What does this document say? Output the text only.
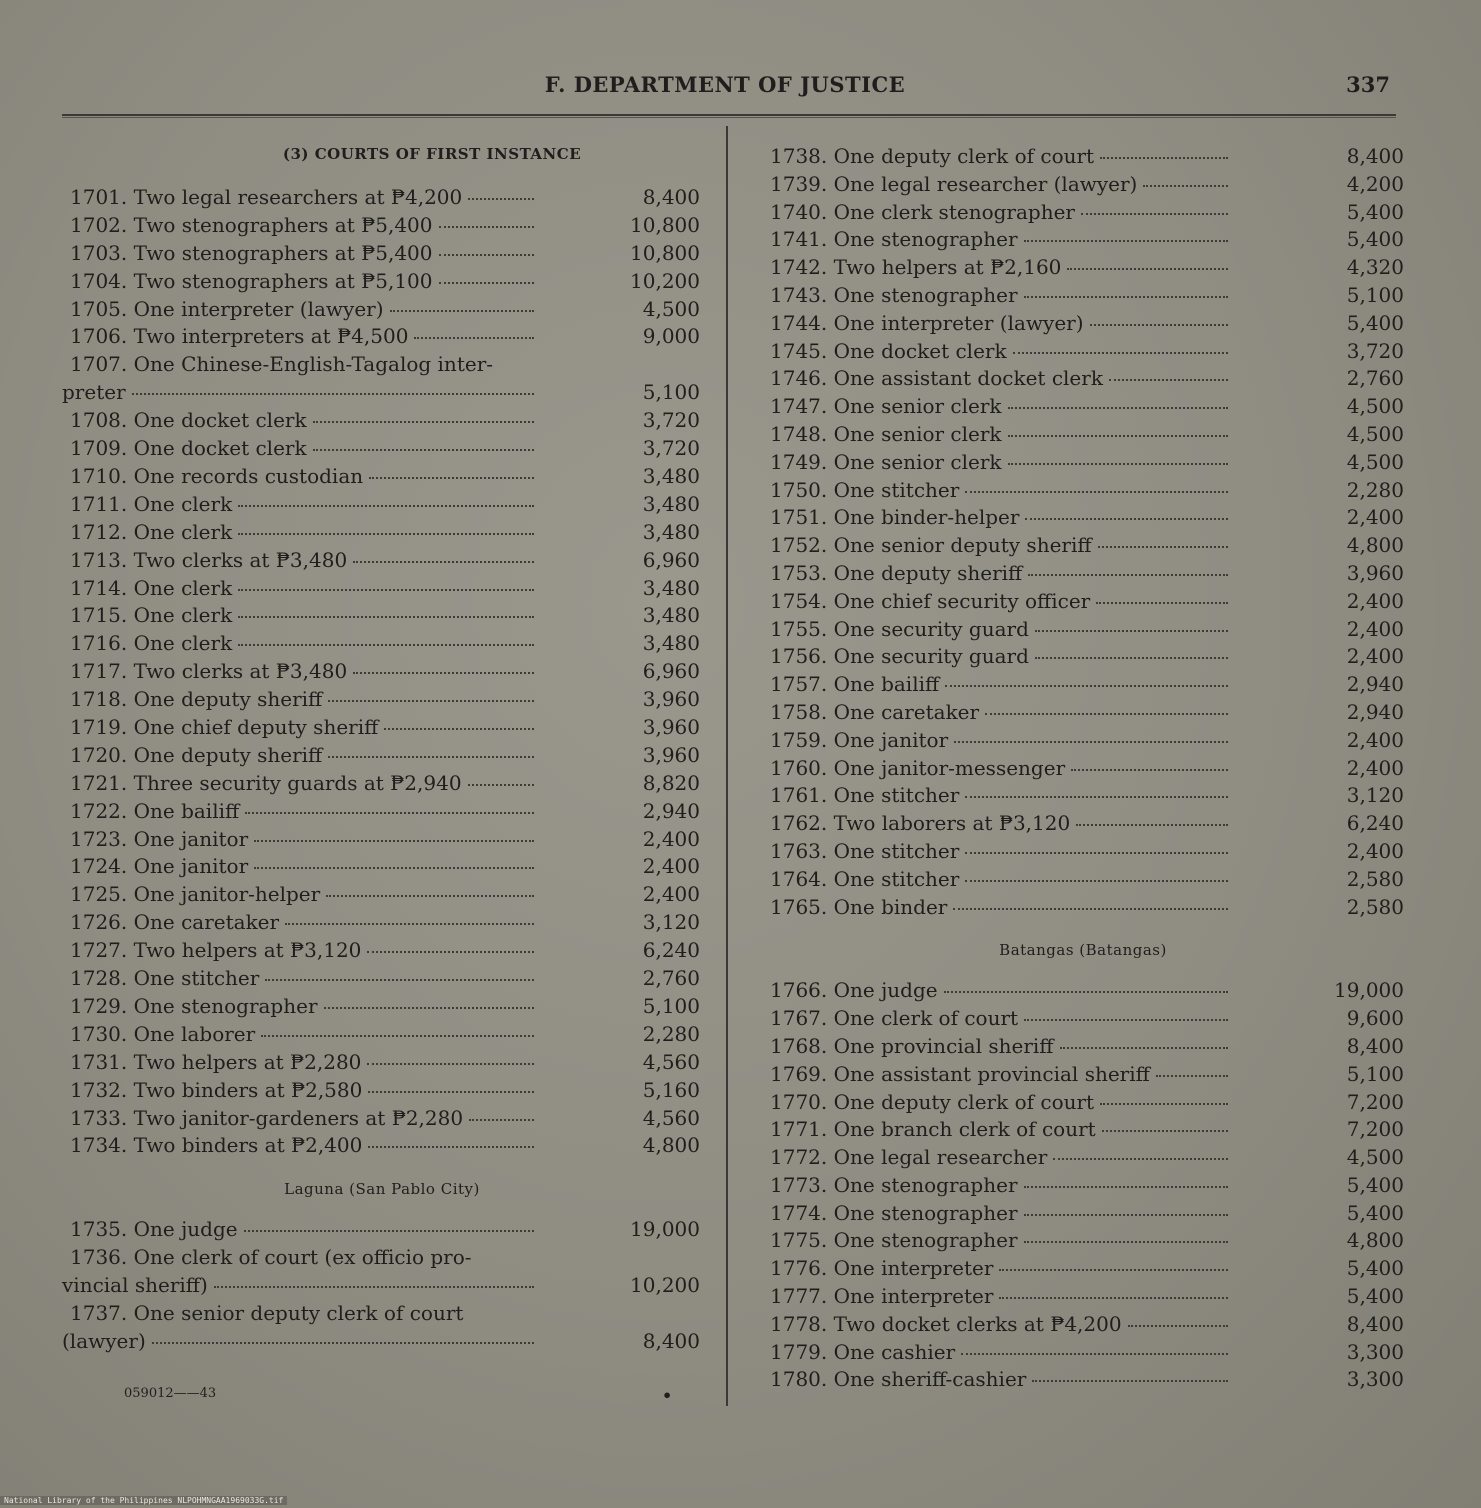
F. DEPARTMENT OF JUSTICE	337
(3) COURTS OF FIRST INSTANCE
1701. Two legal researchers at ₱4,200	8,400
1702. Two stenographers at ₱5,400	10,800
1703. Two stenographers at ₱5,400	10,800
1704. Two stenographers at ₱5,100	10,200
1705. One interpreter (lawyer)	4,500
1706. Two interpreters at ₱4,500	9,000
1707. One Chinese-English-Tagalog inter-
preter	5,100
1708. One docket clerk	3,720
1709. One docket clerk	3,720
1710. One records custodian	3,480
1711. One clerk	3,480
1712. One clerk	3,480
1713. Two clerks at ₱3,480	6,960
1714. One clerk	3,480
1715. One clerk	3,480
1716. One clerk	3,480
1717. Two clerks at ₱3,480	6,960
1718. One deputy sheriff	3,960
1719. One chief deputy sheriff	3,960
1720. One deputy sheriff	3,960
1721. Three security guards at ₱2,940	8,820
1722. One bailiff	2,940
1723. One janitor	2,400
1724. One janitor	2,400
1725. One janitor-helper	2,400
1726. One caretaker	3,120
1727. Two helpers at ₱3,120	6,240
1728. One stitcher	2,760
1729. One stenographer	5,100
1730. One laborer	2,280
1731. Two helpers at ₱2,280	4,560
1732. Two binders at ₱2,580	5,160
1733. Two janitor-gardeners at ₱2,280	4,560
1734. Two binders at ₱2,400	4,800
Laguna (San Pablo City)
1735. One judge	19,000
1736. One clerk of court (ex officio pro-
vincial sheriff)	10,200
1737. One senior deputy clerk of court
(lawyer)	8,400
1738. One deputy clerk of court	8,400
1739. One legal researcher (lawyer)	4,200
1740. One clerk stenographer	5,400
1741. One stenographer	5,400
1742. Two helpers at ₱2,160	4,320
1743. One stenographer	5,100
1744. One interpreter (lawyer)	5,400
1745. One docket clerk	3,720
1746. One assistant docket clerk	2,760
1747. One senior clerk	4,500
1748. One senior clerk	4,500
1749. One senior clerk	4,500
1750. One stitcher	2,280
1751. One binder-helper	2,400
1752. One senior deputy sheriff	4,800
1753. One deputy sheriff	3,960
1754. One chief security officer	2,400
1755. One security guard	2,400
1756. One security guard	2,400
1757. One bailiff	2,940
1758. One caretaker	2,940
1759. One janitor	2,400
1760. One janitor-messenger	2,400
1761. One stitcher	3,120
1762. Two laborers at ₱3,120	6,240
1763. One stitcher	2,400
1764. One stitcher	2,580
1765. One binder	2,580
Batangas (Batangas)
1766. One judge	19,000
1767. One clerk of court	9,600
1768. One provincial sheriff	8,400
1769. One assistant provincial sheriff	5,100
1770. One deputy clerk of court	7,200
1771. One branch clerk of court	7,200
1772. One legal researcher	4,500
1773. One stenographer	5,400
1774. One stenographer	5,400
1775. One stenographer	4,800
1776. One interpreter	5,400
1777. One interpreter	5,400
1778. Two docket clerks at ₱4,200	8,400
1779. One cashier	3,300
1780. One sheriff-cashier	3,300
059012——43	•
National Library of the Philippines NLPOHMNGAA1969033G.tif
